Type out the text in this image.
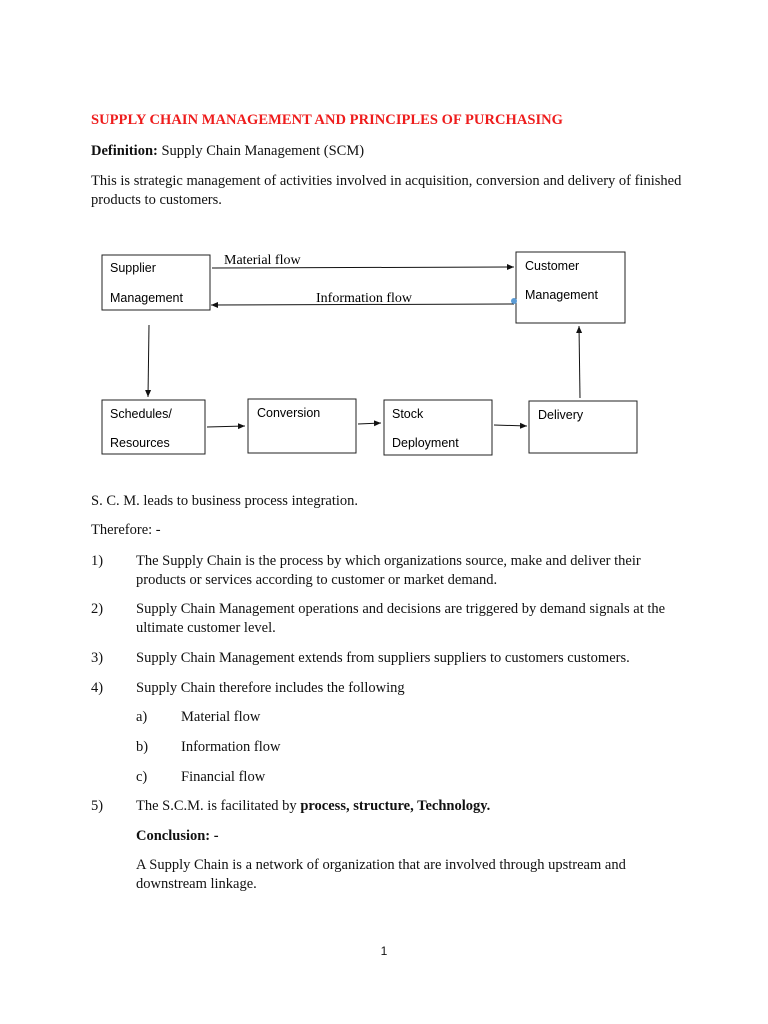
SUPPLY CHAIN MANAGEMENT AND PRINCIPLES OF PURCHASING
Definition: Supply Chain Management (SCM)
This is strategic management of activities involved in acquisition, conversion and delivery of finished products to customers.
Material flow
Information flow
Supplier
Management
Customer
Management
Schedules/
Resources
Conversion	Stock
Deployment
Delivery
S. C. M. leads to business process integration.
Therefore: -
1) The Supply Chain is the process by which organizations source, make and deliver their products or services according to customer or market demand.
2) Supply Chain Management operations and decisions are triggered by demand signals at the ultimate customer level.
3) Supply Chain Management extends from suppliers suppliers to customers customers.
4) Supply Chain therefore includes the following
a) Material flow
b) Information flow
c) Financial flow
5) The S.C.M. is facilitated by process, structure, Technology.
Conclusion: -
A Supply Chain is a network of organization that are involved through upstream and downstream linkage.
1
